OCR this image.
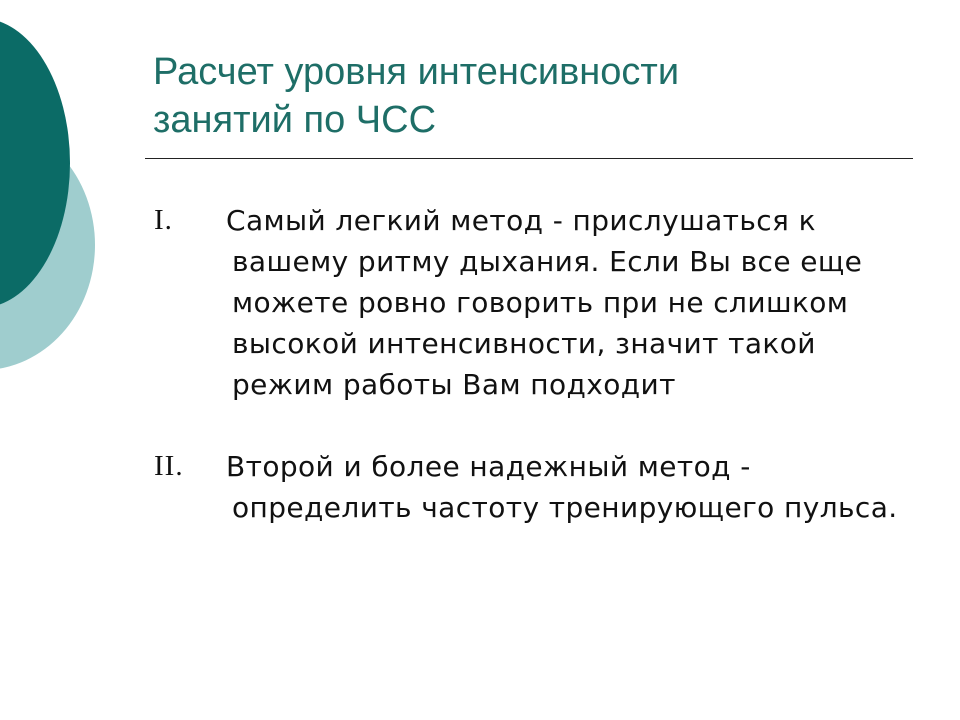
Расчет уровня интенсивности
занятий по ЧСС
I. Самый легкий метод - прислушаться к вашему ритму дыхания. Если Вы все еще можете ровно говорить при не слишком высокой интенсивности, значит такой режим работы Вам подходит
II. Второй и более надежный метод - определить частоту тренирующего пульса.
